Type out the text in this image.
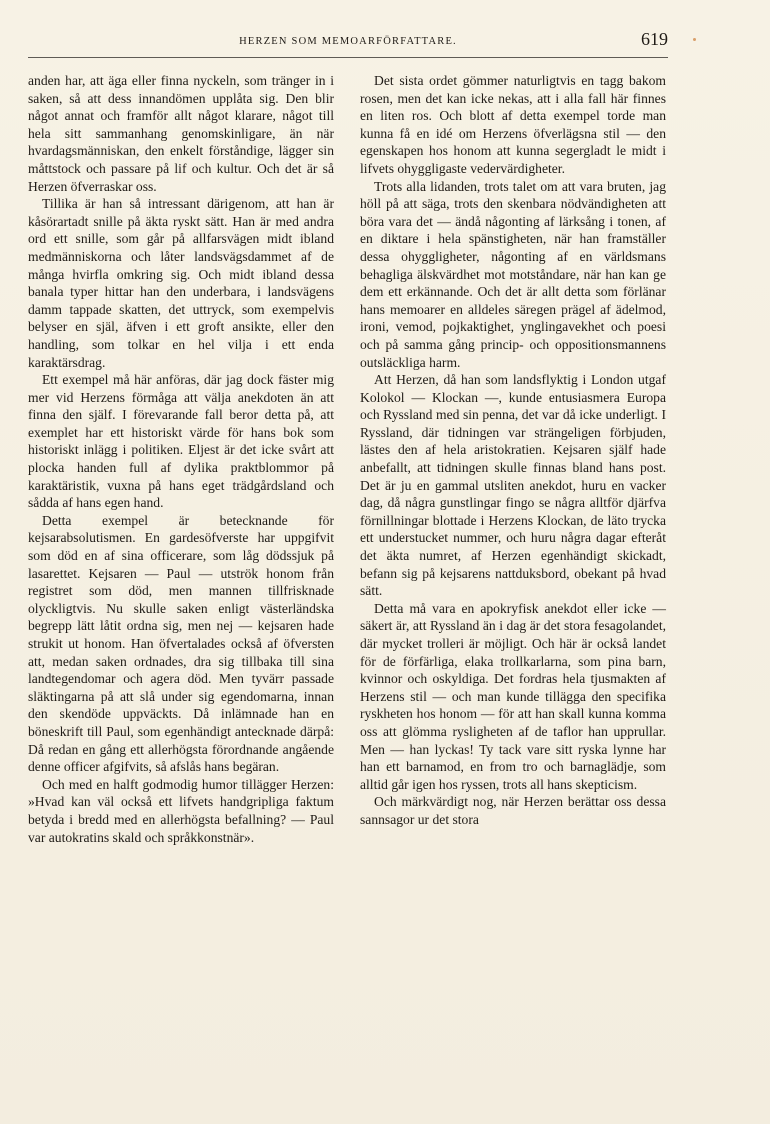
HERZEN SOM MEMOARFÖRFATTARE.	619

anden har, att äga eller finna nyckeln, som tränger in i saken, så att dess innandömen upplåta sig. Den blir något annat och framför allt något klarare, något till hela sitt sammanhang genomskinligare, än när hvardagsmänniskan, den enkelt förståndige, lägger sin måttstock och passare på lif och kultur. Och det är så Herzen öfverraskar oss.

Tillika är han så intressant därigenom, att han är kåsörartadt snille på äkta ryskt sätt. Han är med andra ord ett snille, som går på allfarsvägen midt ibland medmänniskorna och låter landsvägsdammet af de många hvirfla omkring sig. Och midt ibland dessa banala typer hittar han den underbara, i landsvägens damm tappade skatten, det uttryck, som exempelvis belyser en själ, äfven i ett groft ansikte, eller den handling, som tolkar en hel vilja i ett enda karaktärsdrag.

Ett exempel må här anföras, där jag dock fäster mig mer vid Herzens förmåga att välja anekdoten än att finna den själf. I förevarande fall beror detta på, att exemplet har ett historiskt värde för hans bok som historiskt inlägg i politiken. Eljest är det icke svårt att plocka handen full af dylika praktblommor på karaktäristik, vuxna på hans eget trädgårdsland och sådda af hans egen hand.

Detta exempel är betecknande för kejsarabsolutismen. En gardesöfverste har uppgifvit som död en af sina officerare, som låg dödssjuk på lasarettet. Kejsaren — Paul — utströk honom från registret som död, men mannen tillfrisknade olyckligtvis. Nu skulle saken enligt västerländska begrepp lätt låtit ordna sig, men nej — kejsaren hade strukit ut honom. Han öfvertalades också af öfversten att, medan saken ordnades, dra sig tillbaka till sina landtegendomar och agera död. Men tyvärr passade släktingarna på att slå under sig egendomarna, innan den skendöde uppväckts. Då inlämnade han en böneskrift till Paul, som egenhändigt antecknade därpå: Då redan en gång ett allerhögsta förordnande angående denne officer afgifvits, så afslås hans begäran.

Och med en halft godmodig humor tillägger Herzen: »Hvad kan väl också ett lifvets handgripliga faktum betyda i bredd med en allerhögsta befallning? — Paul var autokratins skald och språkkonstnär».

Det sista ordet gömmer naturligtvis en tagg bakom rosen, men det kan icke nekas, att i alla fall här finnes en liten ros. Och blott af detta exempel torde man kunna få en idé om Herzens öfverlägsna stil — den egenskapen hos honom att kunna segergladt le midt i lifvets ohyggligaste vedervärdigheter.

Trots alla lidanden, trots talet om att vara bruten, jag höll på att säga, trots den skenbara nödvändigheten att böra vara det — ändå någonting af lärksång i tonen, af en diktare i hela spänstigheten, när han framställer dessa ohyggligheter, någonting af en världsmans behagliga älskvärdhet mot motståndare, när han kan ge dem ett erkännande. Och det är allt detta som förlänar hans memoarer en alldeles säregen prägel af ädelmod, ironi, vemod, pojkaktighet, ynglingavekhet och poesi och på samma gång princip- och oppositionsmannens outsläckliga harm.

Att Herzen, då han som landsflyktig i London utgaf Kolokol — Klockan —, kunde entusiasmera Europa och Ryssland med sin penna, det var då icke underligt. I Ryssland, där tidningen var strängeligen förbjuden, lästes den af hela aristokratien. Kejsaren själf hade anbefallt, att tidningen skulle finnas bland hans post. Det är ju en gammal utsliten anekdot, huru en vacker dag, då några gunstlingar fingo se några alltför djärfva förnillningar blottade i Herzens Klockan, de läto trycka ett understucket nummer, och huru några dagar efteråt det äkta numret, af Herzen egenhändigt skickadt, befann sig på kejsarens nattduksbord, obekant på hvad sätt.

Detta må vara en apokryfisk anekdot eller icke — säkert är, att Ryssland än i dag är det stora fesagolandet, där mycket trolleri är möjligt. Och här är också landet för de förfärliga, elaka trollkarlarna, som pina barn, kvinnor och oskyldiga. Det fordras hela tjusmakten af Herzens stil — och man kunde tillägga den specifika ryskheten hos honom — för att han skall kunna komma oss att glömma rysligheten af de taflor han upprullar. Men — han lyckas! Ty tack vare sitt ryska lynne har han ett barnamod, en from tro och barnaglädje, som alltid går igen hos ryssen, trots all hans skepticism.

Och märkvärdigt nog, när Herzen berättar oss dessa sannsagor ur det stora
